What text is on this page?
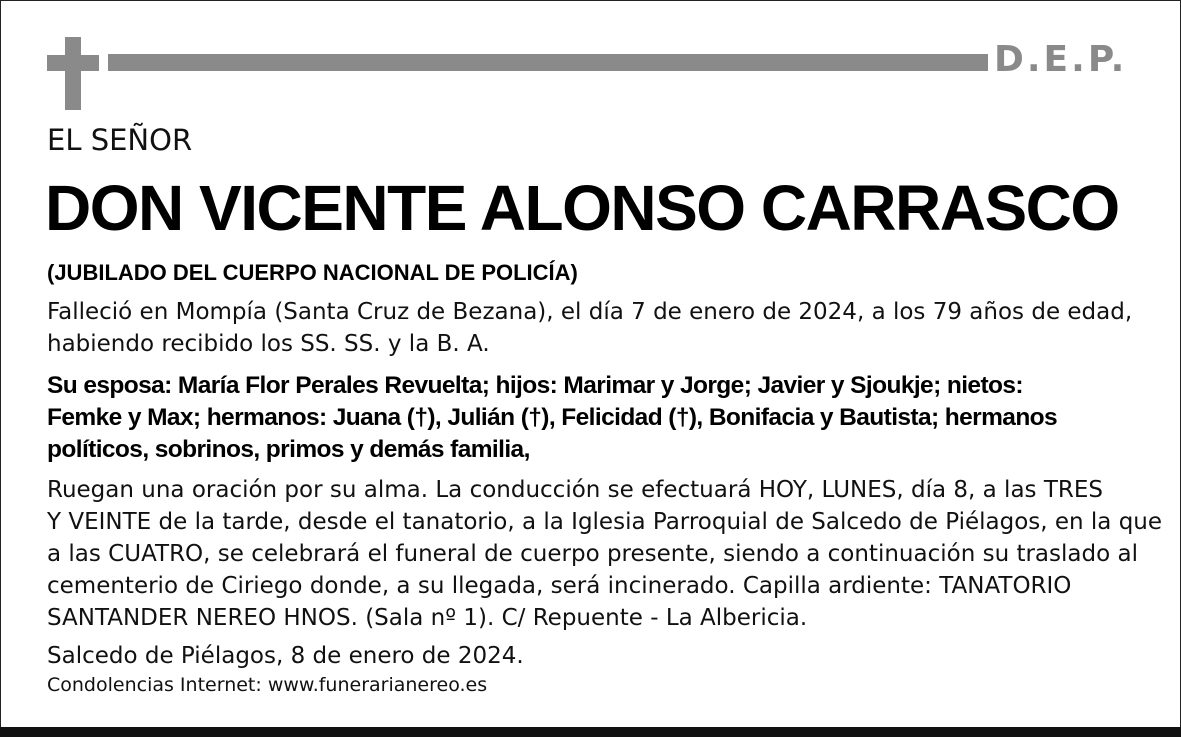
D.E.P.
EL SEÑOR
DON VICENTE ALONSO CARRASCO
(JUBILADO DEL CUERPO NACIONAL DE POLICÍA)
Falleció en Mompía (Santa Cruz de Bezana), el día 7 de enero de 2024, a los 79 años de edad,
habiendo recibido los SS. SS. y la B. A.
Su esposa: María Flor Perales Revuelta; hijos: Marimar y Jorge; Javier y Sjoukje; nietos:
Femke y Max; hermanos: Juana (†), Julián (†), Felicidad (†), Bonifacia y Bautista; hermanos
políticos, sobrinos, primos y demás familia,
Ruegan una oración por su alma. La conducción se efectuará HOY, LUNES, día 8, a las TRES
Y VEINTE de la tarde, desde el tanatorio, a la Iglesia Parroquial de Salcedo de Piélagos, en la que
a las CUATRO, se celebrará el funeral de cuerpo presente, siendo a continuación su traslado al
cementerio de Ciriego donde, a su llegada, será incinerado. Capilla ardiente: TANATORIO
SANTANDER NEREO HNOS. (Sala nº 1). C/ Repuente - La Albericia.
Salcedo de Piélagos, 8 de enero de 2024.
Condolencias Internet: www.funerarianereo.es
